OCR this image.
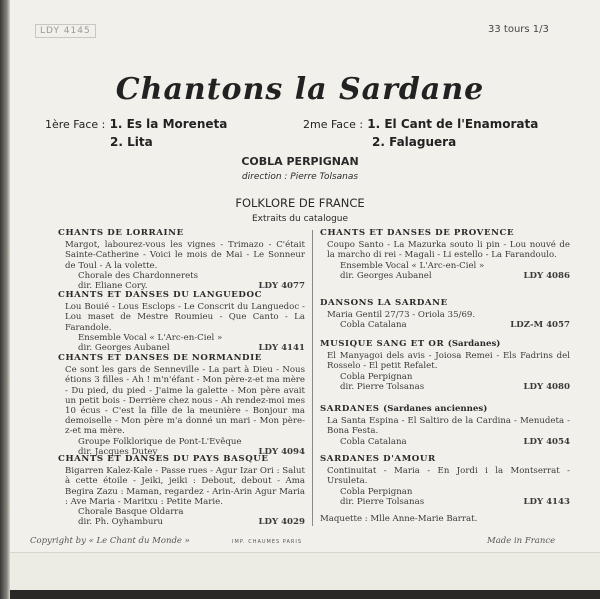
LDY 4145	33 tours 1/3
Chantons la Sardane
1ère Face : 1. Es la Moreneta
2. Lita
2me Face : 1. El Cant de l'Enamorata
2. Falaguera
COBLA PERPIGNAN
direction : Pierre Tolsanas
FOLKLORE DE FRANCE
Extraits du catalogue
CHANTS DE LORRAINE
Margot, labourez-vous les vignes - Trimazo - C'était Sainte-Catherine - Voici le mois de Mai - Le Sonneur de Toul - A la volette.
Chorale des Chardonnerets
dir. Eliane Cory.	LDY 4077
CHANTS ET DANSES DU LANGUEDOC
Lou Bouié - Lous Esclops - Le Conscrit du Languedoc - Lou maset de Mestre Roumieu - Que Canto - La Farandole.
Ensemble Vocal « L'Arc-en-Ciel »
dir. Georges Aubanel	LDY 4141
CHANTS ET DANSES DE NORMANDIE
Ce sont les gars de Senneville - La part à Dieu - Nous étions 3 filles - Ah ! m'n'éfant - Mon père-z-et ma mère - Du pied, du pied - J'aime la galette - Mon père avait un petit bois - Derrière chez nous - Ah rendez-moi mes 10 écus - C'est la fille de la meunière - Bonjour ma demoiselle - Mon père m'a donné un mari - Mon père-z-et ma mère.
Groupe Folklorique de Pont-L'Evêque
dir. Jacques Dutey	LDY 4094
CHANTS ET DANSES DU PAYS BASQUE
Bigarren Kalez-Kale - Passe rues - Agur Izar Ori : Salut à cette étoile - Jeiki, jeiki : Debout, debout - Ama Begira Zazu : Maman, regardez - Arin-Arin Agur Maria : Ave Maria - Maritxu : Petite Marie.
Chorale Basque Oldarra
dir. Ph. Oyhamburu	LDY 4029
CHANTS ET DANSES DE PROVENCE
Coupo Santo - La Mazurka souto li pin - Lou nouvé de la marcho di rei - Magali - Li estello - La Farandoulo.
Ensemble Vocal « L'Arc-en-Ciel »
dir. Georges Aubanel	LDY 4086
DANSONS LA SARDANE
Maria Gentil 27/73 - Oriola 35/69.
Cobla Catalana	LDZ-M 4057
MUSIQUE SANG ET OR (Sardanes)
El Manyagoi dels avis - Joiosa Remei - Els Fadrins del Rosselo - El petit Refalet.
Cobla Perpignan
dir. Pierre Tolsanas	LDY 4080
SARDANES (Sardanes anciennes)
La Santa Espina - El Saltiro de la Cardina - Menudeta - Bona Festa.
Cobla Catalana	LDY 4054
SARDANES D'AMOUR
Continuitat - Maria - En Jordi i la Montserrat - Ursuleta.
Cobla Perpignan
dir. Pierre Tolsanas	LDY 4143
Maquette : Mlle Anne-Marie Barrat.
Copyright by « Le Chant du Monde »	IMP. CHAUMES PARIS	Made in France
